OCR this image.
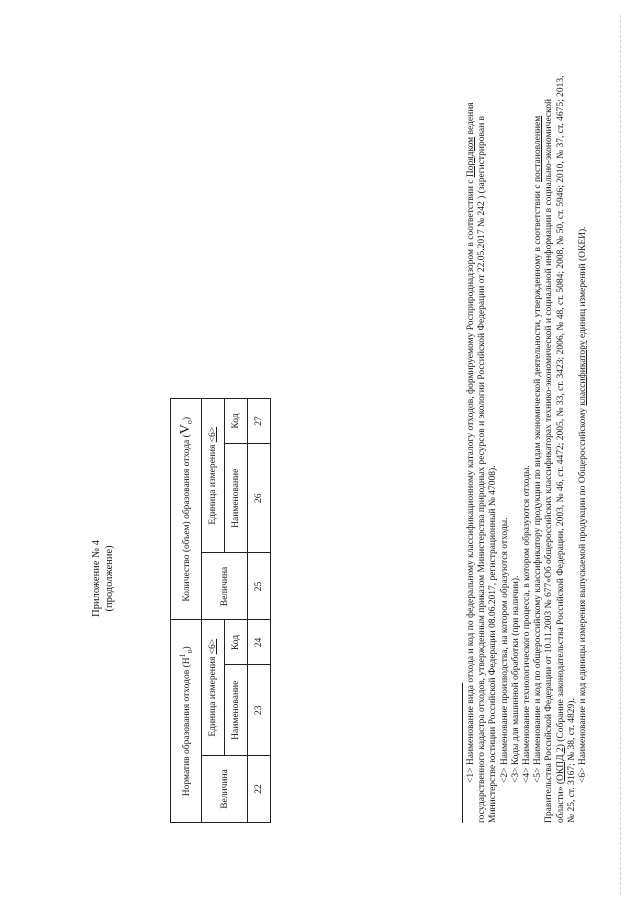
Приложение № 4 (продолжение)
Норматив образования отходов $(Н^1_о)$			Количество (объем) образования отхода $(V_о)$		
Величина	Единица измерения <6>		Величина	Единица измерения <6>	
	Наименование	Код		Наименование	Код
22	23	24	25	26	27	<1> Наименование вида отхода и код по федеральному классификационному каталогу отходов, формируемому Росприроднадзором в соответствии с Порядком ведения государственного кадастра отходов, утвержденным приказом Министерства природных ресурсов и экологии Российской Федерации от 22.05.2017 № 242 ) (зарегистрирован в Министерстве юстиции Российской Федерации 08.06.2017, регистрационный № 47008). <2> Наименование производства, на котором образуются отходы. <3> Коды для машинной обработки (при наличии). <4> Наименование технологического процесса, в котором образуются отходы. <5> Наименование и код по общероссийскому классификатору продукции по видам экономической деятельности, утвержденному в соответствии с постановлением Правительства Российской Федерации от 10.11.2003 № 677«Об общероссийских классификаторах технико-экономической и социальной информации в социально-экономической области» (ОКПД 2) (Собрание законодательства Российской Федерации, 2003, № 46, ст. 4472; 2005, № 33, ст. 3423; 2006, № 48, ст. 5084; 2008, № 50, ст. 5946; 2010, № 37, ст. 4675; 2013, № 25, ст. 3167; № 38, ст. 4829). <6> Наименование и код единицы измерения выпускаемой продукции по Общероссийскому классификатору единиц измерений (ОКЕИ).
